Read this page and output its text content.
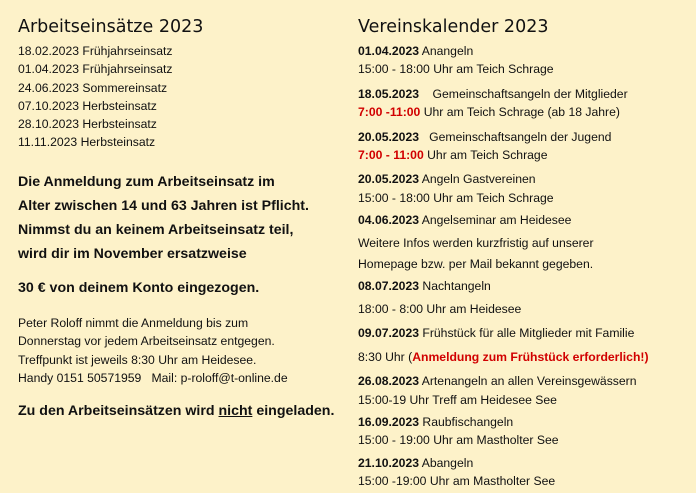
Arbeitseinsätze 2023
18.02.2023 Frühjahrseinsatz
01.04.2023 Frühjahrseinsatz
24.06.2023 Sommereinsatz
07.10.2023 Herbsteinsatz
28.10.2023 Herbsteinsatz
11.11.2023 Herbsteinsatz
Die Anmeldung zum Arbeitseinsatz im
Alter zwischen 14 und 63 Jahren ist Pflicht.
Nimmst du an keinem Arbeitseinsatz teil,
wird dir im November ersatzweise
30 € von deinem Konto eingezogen.
Peter Roloff nimmt die Anmeldung bis zum
Donnerstag vor jedem Arbeitseinsatz entgegen.
Treffpunkt ist jeweils 8:30 Uhr am Heidesee.
Handy 0151 50571959   Mail: p-roloff@t-online.de
Zu den Arbeitseinsätzen wird nicht eingeladen.
Vereinskalender 2023
01.04.2023 Anangeln
15:00 - 18:00 Uhr am Teich Schrage
18.05.2023    Gemeinschaftsangeln der Mitglieder
7:00 -11:00 Uhr am Teich Schrage (ab 18 Jahre)
20.05.2023   Gemeinschaftsangeln der Jugend
7:00 - 11:00 Uhr am Teich Schrage
20.05.2023 Angeln Gastvereinen
15:00 - 18:00 Uhr am Teich Schrage
04.06.2023 Angelseminar am Heidesee
Weitere Infos werden kurzfristig auf unserer
Homepage bzw. per Mail bekannt gegeben.
08.07.2023 Nachtangeln
18:00 - 8:00 Uhr am Heidesee
09.07.2023 Frühstück für alle Mitglieder mit Familie
8:30 Uhr (Anmeldung zum Frühstück erforderlich!)
26.08.2023 Artenangeln an allen Vereinsgewässern
15:00-19 Uhr Treff am Heidesee See
16.09.2023 Raubfischangeln
15:00 - 19:00 Uhr am Mastholter See
21.10.2023 Abangeln
15:00 -19:00 Uhr am Mastholter See
